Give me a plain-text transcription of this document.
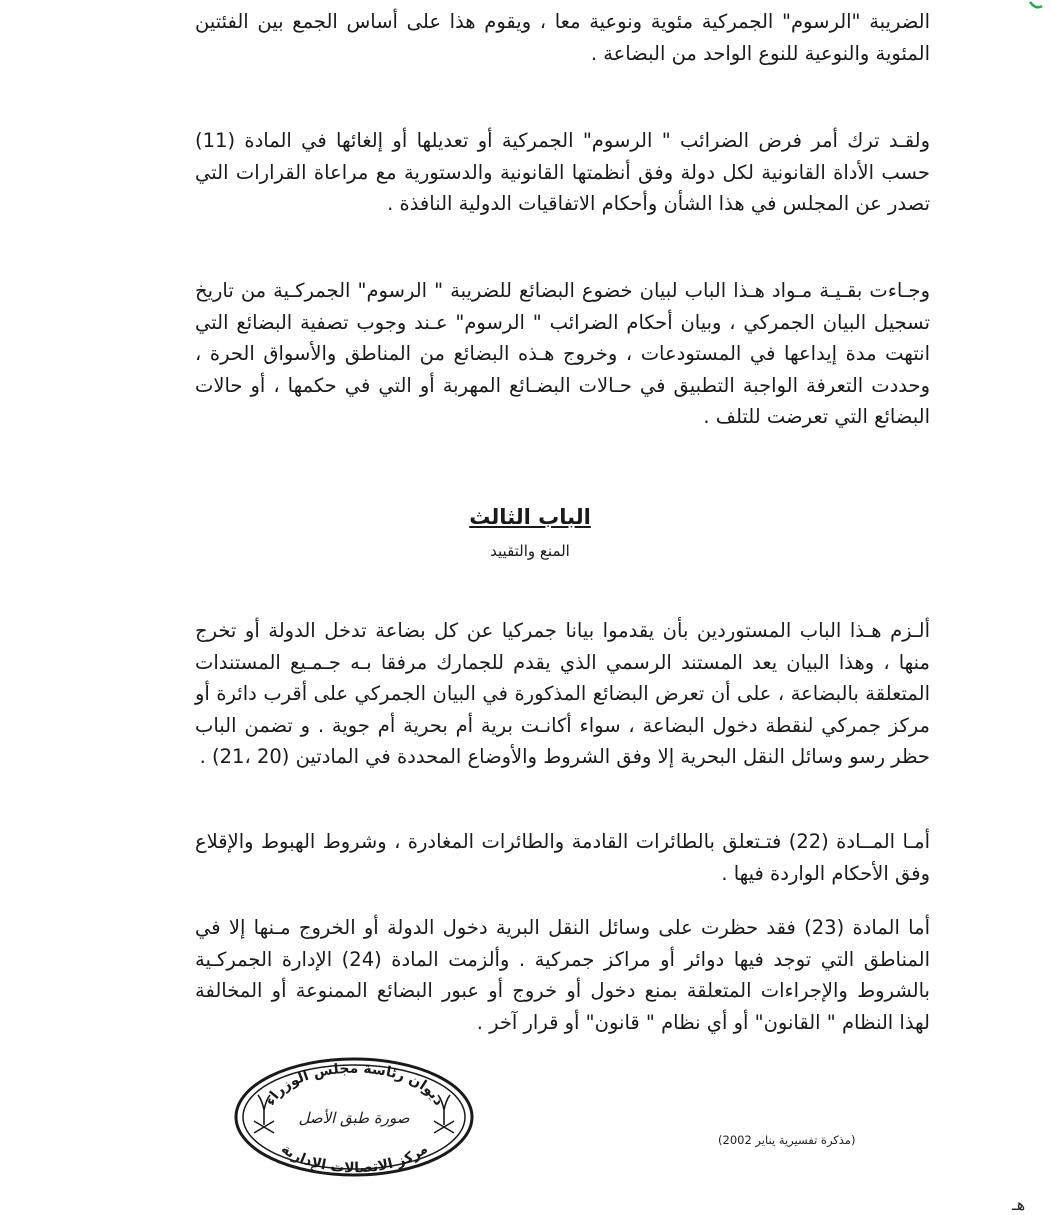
الضريبة "الرسوم" الجمركية مئوية ونوعية معا ، ويقوم هذا على أساس الجمع بين الفئتين المئوية والنوعية للنوع الواحد من البضاعة .

ولقـد ترك أمر فرض الضرائب " الرسوم" الجمركية أو تعديلها أو إلغائها في المادة (11) حسب الأداة القانونية لكل دولة وفق أنظمتها القانونية والدستورية مع مراعاة القرارات التي تصدر عن المجلس في هذا الشأن وأحكام الاتفاقيات الدولية النافذة .

وجـاءت بقـيـة مـواد هـذا الباب لبيان خضوع البضائع للضريبة " الرسوم" الجمركـية من تاريخ تسجيل البيان الجمركي ، وبيان أحكام الضرائب " الرسوم" عـند وجوب تصفية البضائع التي انتهت مدة إيداعها في المستودعات ، وخروج هـذه البضائع من المناطق والأسواق الحرة ، وحددت التعرفة الواجبة التطبيق في حـالات البضـائع المهربة أو التي في حكمها ، أو حالات البضائع التي تعرضت للتلف .

الباب الثالث
المنع والتقييد

ألـزم هـذا الباب المستوردين بأن يقدموا بيانا جمركيا عن كل بضاعة تدخل الدولة أو تخرج منها ، وهذا البيان يعد المستند الرسمي الذي يقدم للجمارك مرفقا بـه جـمـيع المستندات المتعلقة بالبضاعة ، على أن تعرض البضائع المذكورة في البيان الجمركي على أقرب دائرة أو مركز جمركي لنقطة دخول البضاعة ، سواء أكانـت برية أم بحرية أم جوية . و تضمن الباب حظر رسو وسائل النقل البحرية إلا وفق الشروط والأوضاع المحددة في المادتين (20 ،21) .

أمـا المــادة (22) فتـتعلق بالطائرات القادمة والطائرات المغادرة ، وشروط الهبوط والإقلاع وفق الأحكام الواردة فيها .

أما المادة (23) فقد حظرت على وسائل النقل البرية دخول الدولة أو الخروج مـنها إلا في المناطق التي توجد فيها دوائر أو مراكز جمركية . وألزمت المادة (24) الإدارة الجمركـية بالشروط والإجراءات المتعلقة بمنع دخول أو خروج أو عبور البضائع الممنوعة أو المخالفة لهذا النظام " القانون" أو أي نظام " قانون" أو قرار آخر .

ديوان رئاسة مجلس الوزراء
صورة طبق الأصل
مركز الاتصالات الإدارية
(مذكرة تفسيرية يناير 2002)
هـ
